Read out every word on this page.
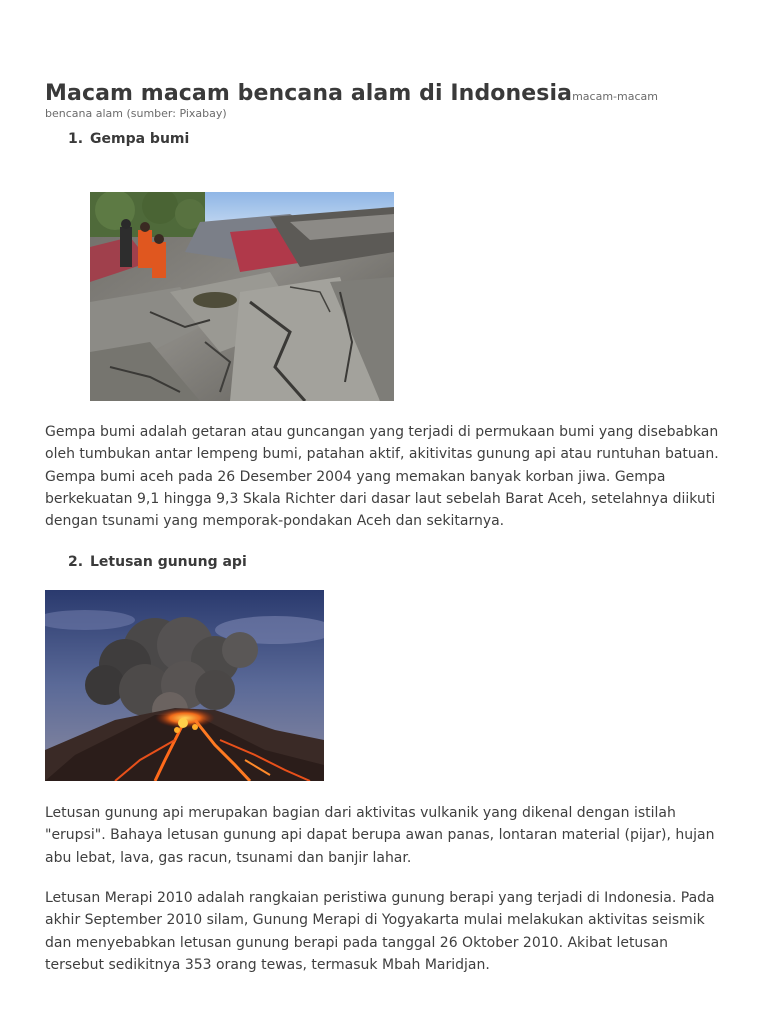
Macam macam bencana alam di Indonesiamacam-macam
bencana alam (sumber: Pixabay)
1. Gempa bumi
Gempa bumi adalah getaran atau guncangan yang terjadi di permukaan bumi yang disebabkan oleh tumbukan antar lempeng bumi, patahan aktif, akitivitas gunung api atau runtuhan batuan. Gempa bumi aceh pada 26 Desember 2004 yang memakan banyak korban jiwa. Gempa berkekuatan 9,1 hingga 9,3 Skala Richter dari dasar laut sebelah Barat Aceh, setelahnya diikuti dengan tsunami yang memporak-pondakan Aceh dan sekitarnya.
2. Letusan gunung api
Letusan gunung api merupakan bagian dari aktivitas vulkanik yang dikenal dengan istilah "erupsi". Bahaya letusan gunung api dapat berupa awan panas, lontaran material (pijar), hujan abu lebat, lava, gas racun, tsunami dan banjir lahar.
Letusan Merapi 2010 adalah rangkaian peristiwa gunung berapi yang terjadi di Indonesia. Pada akhir September 2010 silam, Gunung Merapi di Yogyakarta mulai melakukan aktivitas seismik dan menyebabkan letusan gunung berapi pada tanggal 26 Oktober 2010. Akibat letusan tersebut sedikitnya 353 orang tewas, termasuk Mbah Maridjan.
